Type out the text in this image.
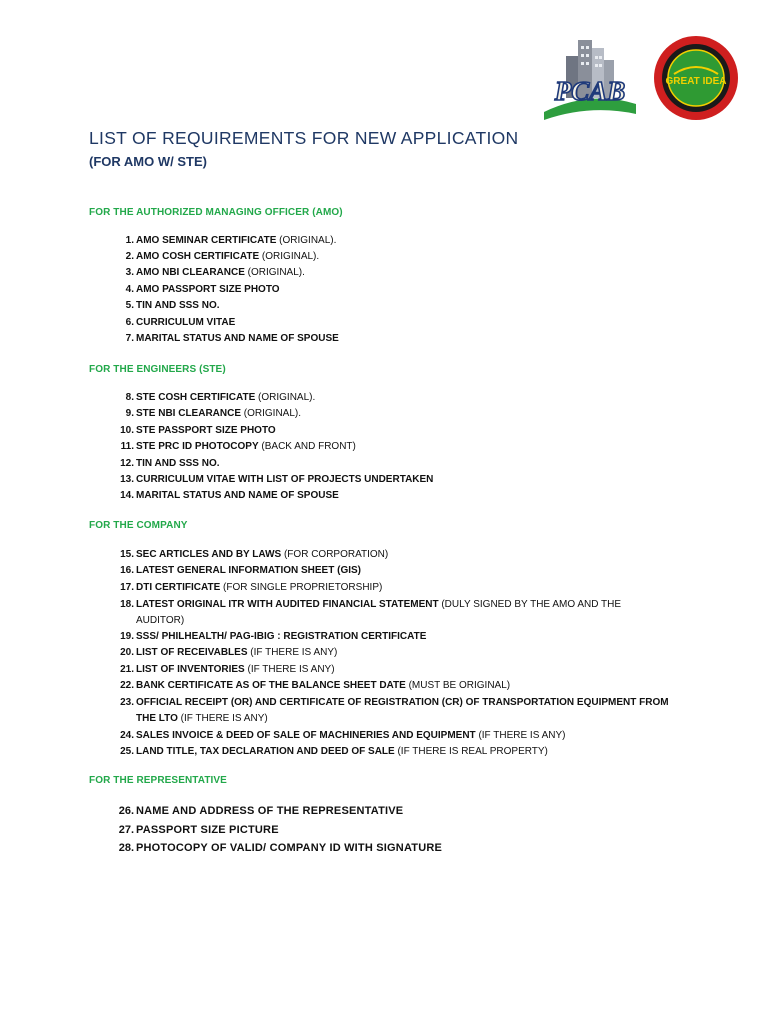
PCAB	GREAT IDEA
LIST OF REQUIREMENTS FOR NEW APPLICATION
(FOR AMO W/ STE)
FOR THE AUTHORIZED MANAGING OFFICER (AMO)
1. AMO SEMINAR CERTIFICATE (ORIGINAL).
2. AMO COSH CERTIFICATE (ORIGINAL).
3. AMO NBI CLEARANCE (ORIGINAL).
4. AMO PASSPORT SIZE PHOTO
5. TIN AND SSS NO.
6. CURRICULUM VITAE
7. MARITAL STATUS AND NAME OF SPOUSE
FOR THE ENGINEERS (STE)
8. STE COSH CERTIFICATE (ORIGINAL).
9. STE NBI CLEARANCE (ORIGINAL).
10. STE PASSPORT SIZE PHOTO
11. STE PRC ID PHOTOCOPY (BACK AND FRONT)
12. TIN AND SSS NO.
13. CURRICULUM VITAE WITH LIST OF PROJECTS UNDERTAKEN
14. MARITAL STATUS AND NAME OF SPOUSE
FOR THE COMPANY
15. SEC ARTICLES AND BY LAWS (FOR CORPORATION)
16. LATEST GENERAL INFORMATION SHEET (GIS)
17. DTI CERTIFICATE (FOR SINGLE PROPRIETORSHIP)
18. LATEST ORIGINAL ITR WITH AUDITED FINANCIAL STATEMENT (DULY SIGNED BY THE AMO AND THE AUDITOR)
19. SSS/ PHILHEALTH/ PAG-IBIG : REGISTRATION CERTIFICATE
20. LIST OF RECEIVABLES (IF THERE IS ANY)
21. LIST OF INVENTORIES (IF THERE IS ANY)
22. BANK CERTIFICATE AS OF THE BALANCE SHEET DATE (MUST BE ORIGINAL)
23. OFFICIAL RECEIPT (OR) AND CERTIFICATE OF REGISTRATION (CR) OF TRANSPORTATION EQUIPMENT FROM THE LTO (IF THERE IS ANY)
24. SALES INVOICE & DEED OF SALE OF MACHINERIES AND EQUIPMENT (IF THERE IS ANY)
25. LAND TITLE, TAX DECLARATION AND DEED OF SALE (IF THERE IS REAL PROPERTY)
FOR THE REPRESENTATIVE
26. NAME AND ADDRESS OF THE REPRESENTATIVE
27. PASSPORT SIZE PICTURE
28. PHOTOCOPY OF VALID/ COMPANY ID WITH SIGNATURE
